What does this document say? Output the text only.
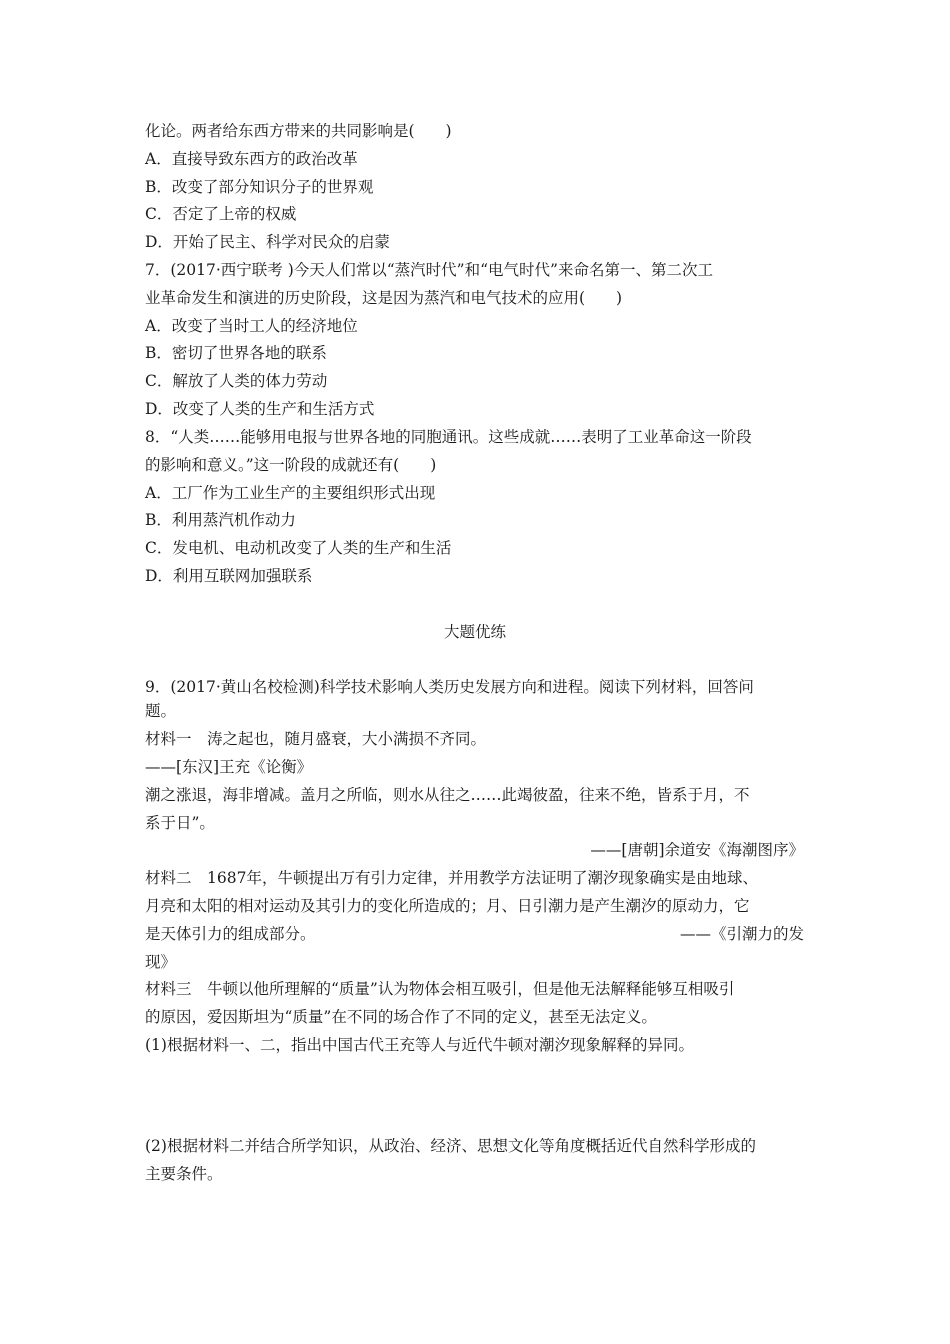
化论。两者给东西方带来的共同影响是(　　)
A．直接导致东西方的政治改革
B．改变了部分知识分子的世界观
C．否定了上帝的权威
D．开始了民主、科学对民众的启蒙
7．(2017·西宁联考 )今天人们常以“蒸汽时代”和“电气时代”来命名第一、第二次工
业革命发生和演进的历史阶段，这是因为蒸汽和电气技术的应用(　　)
A．改变了当时工人的经济地位
B．密切了世界各地的联系
C．解放了人类的体力劳动
D．改变了人类的生产和生活方式
8．“人类……能够用电报与世界各地的同胞通讯。这些成就……表明了工业革命这一阶段
的影响和意义。”这一阶段的成就还有(　　)
A．工厂作为工业生产的主要组织形式出现
B．利用蒸汽机作动力
C．发电机、电动机改变了人类的生产和生活
D．利用互联网加强联系
大题优练
9．(2017·黄山名校检测)科学技术影响人类历史发展方向和进程。阅读下列材料，回答问
题。
材料一　涛之起也，随月盛衰，大小满损不齐同。
——[东汉]王充《论衡》
潮之涨退，海非增减。盖月之所临，则水从往之……此竭彼盈，往来不绝，皆系于月，不
系于日”。
——[唐朝]余道安《海潮图序》
材料二　1687年，牛顿提出万有引力定律，并用教学方法证明了潮汐现象确实是由地球、
月亮和太阳的相对运动及其引力的变化所造成的；月、日引潮力是产生潮汐的原动力，它
是天体引力的组成部分。	——《引潮力的发
现》
材料三　牛顿以他所理解的“质量”认为物体会相互吸引，但是他无法解释能够互相吸引
的原因，爱因斯坦为“质量”在不同的场合作了不同的定义，甚至无法定义。
(1)根据材料一、二，指出中国古代王充等人与近代牛顿对潮汐现象解释的异同。
(2)根据材料二并结合所学知识，从政治、经济、思想文化等角度概括近代自然科学形成的
主要条件。
